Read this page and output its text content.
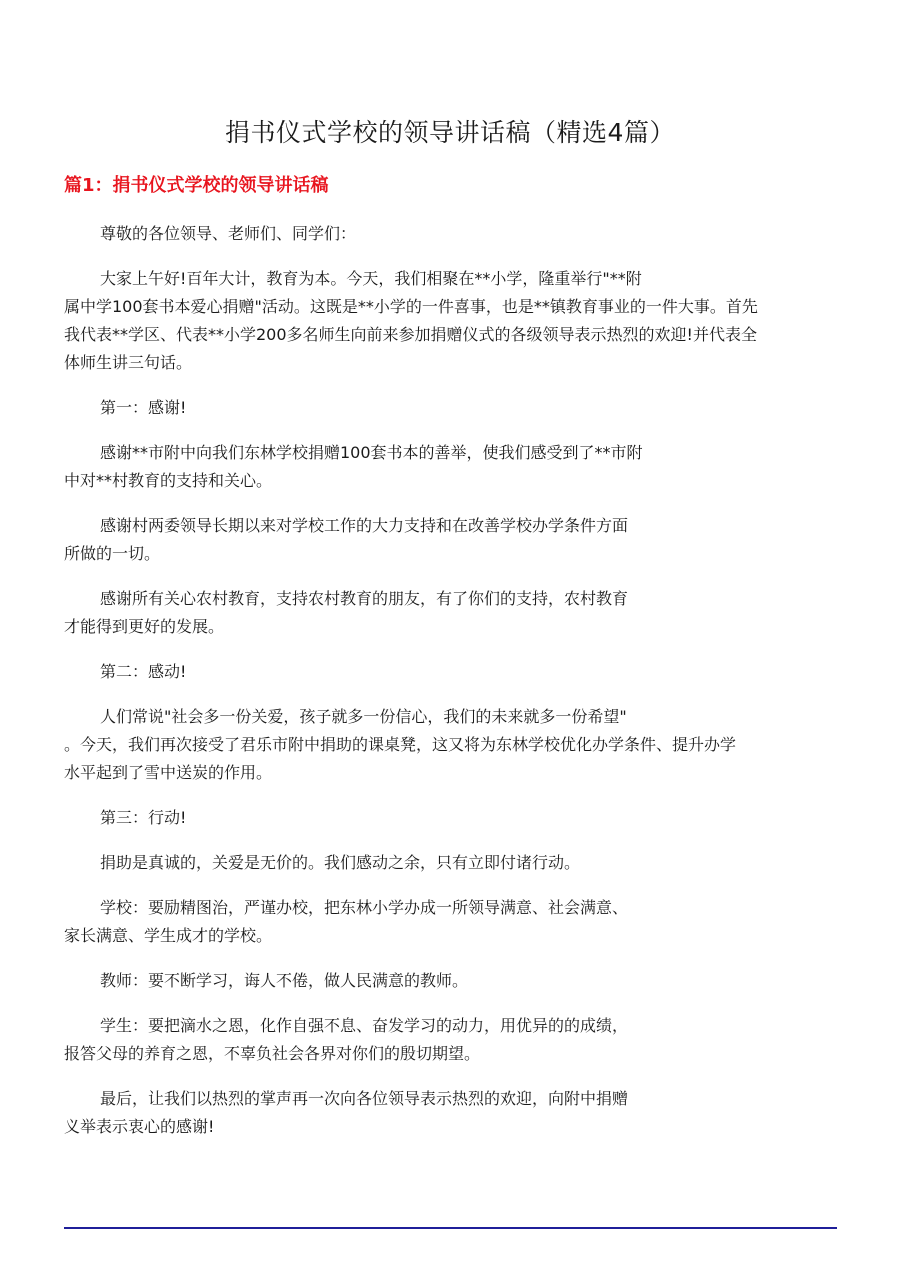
捐书仪式学校的领导讲话稿（精选4篇）
篇1：捐书仪式学校的领导讲话稿

尊敬的各位领导、老师们、同学们：

大家上午好!百年大计，教育为本。今天，我们相聚在**小学，隆重举行"**附
属中学100套书本爱心捐赠"活动。这既是**小学的一件喜事，也是**镇教育事业的一件大事。首先
我代表**学区、代表**小学200多名师生向前来参加捐赠仪式的各级领导表示热烈的欢迎!并代表全
体师生讲三句话。

第一：感谢!

感谢**市附中向我们东林学校捐赠100套书本的善举，使我们感受到了**市附
中对**村教育的支持和关心。

感谢村两委领导长期以来对学校工作的大力支持和在改善学校办学条件方面
所做的一切。

感谢所有关心农村教育，支持农村教育的朋友，有了你们的支持，农村教育
才能得到更好的发展。

第二：感动!

人们常说"社会多一份关爱，孩子就多一份信心，我们的未来就多一份希望"
。今天，我们再次接受了君乐市附中捐助的课桌凳，这又将为东林学校优化办学条件、提升办学
水平起到了雪中送炭的作用。

第三：行动!

捐助是真诚的，关爱是无价的。我们感动之余，只有立即付诸行动。

学校：要励精图治，严谨办校，把东林小学办成一所领导满意、社会满意、
家长满意、学生成才的学校。

教师：要不断学习，诲人不倦，做人民满意的教师。

学生：要把滴水之恩，化作自强不息、奋发学习的动力，用优异的的成绩，
报答父母的养育之恩，不辜负社会各界对你们的殷切期望。

最后，让我们以热烈的掌声再一次向各位领导表示热烈的欢迎，向附中捐赠
义举表示衷心的感谢!
